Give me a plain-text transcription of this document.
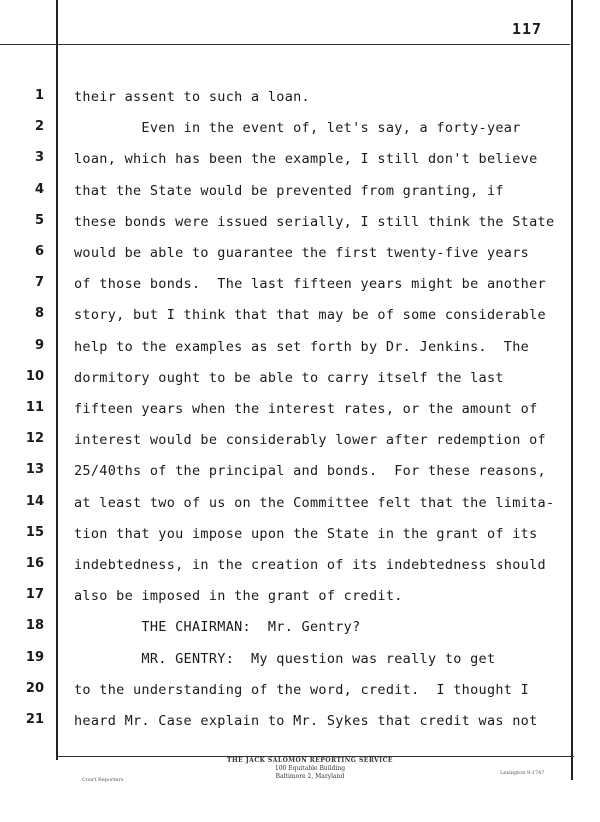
117
1 their assent to such a loan.
2 Even in the event of, let's say, a forty-year
3 loan, which has been the example, I still don't believe
4 that the State would be prevented from granting, if
5 these bonds were issued serially, I still think the State
6 would be able to guarantee the first twenty-five years
7 of those bonds.  The last fifteen years might be another
8 story, but I think that that may be of some considerable
9 help to the examples as set forth by Dr. Jenkins.  The
10 dormitory ought to be able to carry itself the last
11 fifteen years when the interest rates, or the amount of
12 interest would be considerably lower after redemption of
13 25/40ths of the principal and bonds.  For these reasons,
14 at least two of us on the Committee felt that the limita-
15 tion that you impose upon the State in the grant of its
16 indebtedness, in the creation of its indebtedness should
17 also be imposed in the grant of credit.
18 THE CHAIRMAN:  Mr. Gentry?
19 MR. GENTRY:  My question was really to get
20 to the understanding of the word, credit.  I thought I
21 heard Mr. Case explain to Mr. Sykes that credit was not
THE JACK SALOMON REPORTING SERVICE
100 Equitable Building
Baltimore 2, Maryland
Court Reporters
Lexington 9-1747
